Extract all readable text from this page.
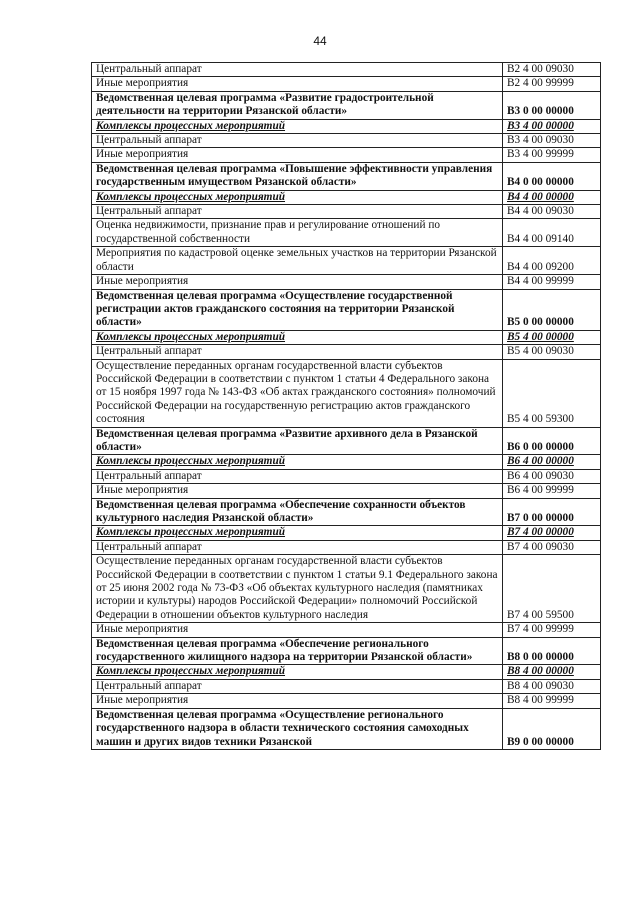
44
Центральный аппарат	В2 4 00 09030
Иные мероприятия	В2 4 00 99999
Ведомственная целевая программа «Развитие градостроительной деятельности на территории Рязанской области»	В3 0 00 00000
Комплексы процессных мероприятий	В3 4 00 00000
Центральный аппарат	В3 4 00 09030
Иные мероприятия	В3 4 00 99999
Ведомственная целевая программа «Повышение эффективности управления государственным имуществом Рязанской области»	В4 0 00 00000
Комплексы процессных мероприятий	В4 4 00 00000
Центральный аппарат	В4 4 00 09030
Оценка недвижимости, признание прав и регулирование отношений по государственной собственности	В4 4 00 09140
Мероприятия по кадастровой оценке земельных участков на территории Рязанской области	В4 4 00 09200
Иные мероприятия	В4 4 00 99999
Ведомственная целевая программа «Осуществление государственной регистрации актов гражданского состояния на территории Рязанской области»	В5 0 00 00000
Комплексы процессных мероприятий	В5 4 00 00000
Центральный аппарат	В5 4 00 09030
Осуществление переданных органам государственной власти субъектов Российской Федерации в соответствии с пунктом 1 статьи 4 Федерального закона от 15 ноября 1997 года № 143-ФЗ «Об актах гражданского состояния» полномочий Российской Федерации на государственную регистрацию актов гражданского состояния	В5 4 00 59300
Ведомственная целевая программа «Развитие архивного дела в Рязанской области»	В6 0 00 00000
Комплексы процессных мероприятий	В6 4 00 00000
Центральный аппарат	В6 4 00 09030
Иные мероприятия	В6 4 00 99999
Ведомственная целевая программа «Обеспечение сохранности объектов культурного наследия Рязанской области»	В7 0 00 00000
Комплексы процессных мероприятий	В7 4 00 00000
Центральный аппарат	В7 4 00 09030
Осуществление переданных органам государственной власти субъектов Российской Федерации в соответствии с пунктом 1 статьи 9.1 Федерального закона от 25 июня 2002 года № 73-ФЗ «Об объектах культурного наследия (памятниках истории и культуры) народов Российской Федерации» полномочий Российской Федерации в отношении объектов культурного наследия	В7 4 00 59500
Иные мероприятия	В7 4 00 99999
Ведомственная целевая программа «Обеспечение регионального государственного жилищного надзора на территории Рязанской области»	В8 0 00 00000
Комплексы процессных мероприятий	В8 4 00 00000
Центральный аппарат	В8 4 00 09030
Иные мероприятия	В8 4 00 99999
Ведомственная целевая программа «Осуществление регионального государственного надзора в области технического состояния самоходных машин и других видов техники Рязанской	В9 0 00 00000
